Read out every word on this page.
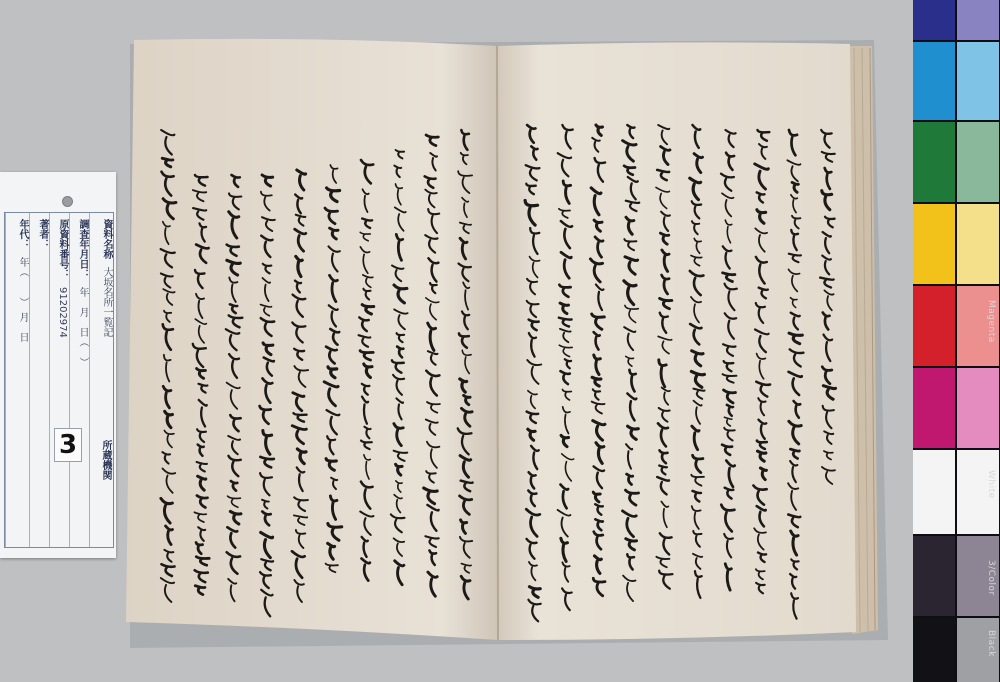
資料名称大坂名所一覧記
調査年月日：年　月　日（　）
原資料番号：91202974
著者：
年代：年（　　）　月　日
3	所蔵機関
Magenta
White
3/Color
Black
